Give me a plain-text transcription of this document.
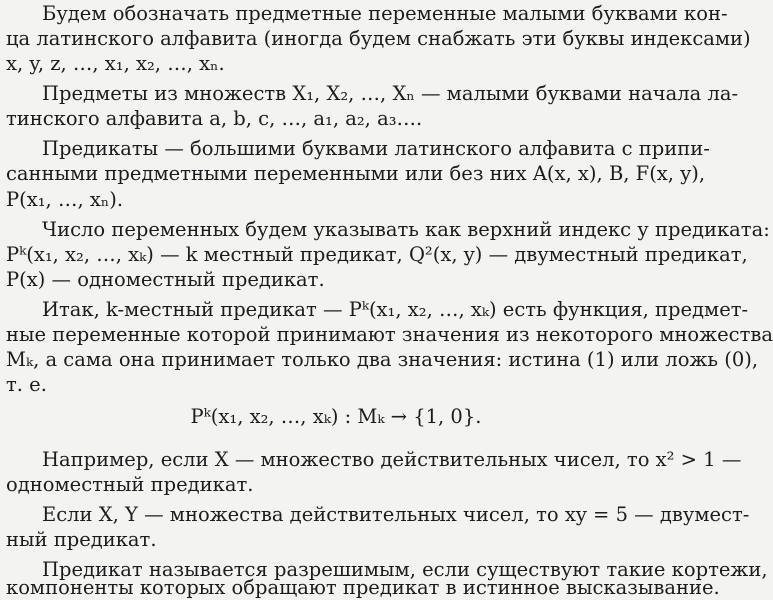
Будем обозначать предметные переменные малыми буквами кон-
ца латинского алфавита (иногда будем снабжать эти буквы индексами)
x, y, z, …, x₁, x₂, …, xₙ.
Предметы из множеств X₁, X₂, …, Xₙ — малыми буквами начала ла-
тинского алфавита a, b, c, …, a₁, a₂, a₃….
Предикаты — большими буквами латинского алфавита с припи-
санными предметными переменными или без них A(x, x), B, F(x, y),
P(x₁, …, xₙ).
Число переменных будем указывать как верхний индекс у предиката:
Pᵏ(x₁, x₂, …, xₖ) — k местный предикат, Q²(x, y) — двуместный предикат,
P(x) — одноместный предикат.
Итак, k-местный предикат — Pᵏ(x₁, x₂, …, xₖ) есть функция, предмет-
ные переменные которой принимают значения из некоторого множества
Mₖ, а сама она принимает только два значения: истина (1) или ложь (0),
т. е.
Pᵏ(x₁, x₂, …, xₖ) : Mₖ → {1, 0}.
Например, если X — множество действительных чисел, то x² > 1 —
одноместный предикат.
Если X, Y — множества действительных чисел, то xy = 5 — двумест-
ный предикат.
Предикат называется разрешимым, если существуют такие кортежи,
компоненты которых обращают предикат в истинное высказывание.
